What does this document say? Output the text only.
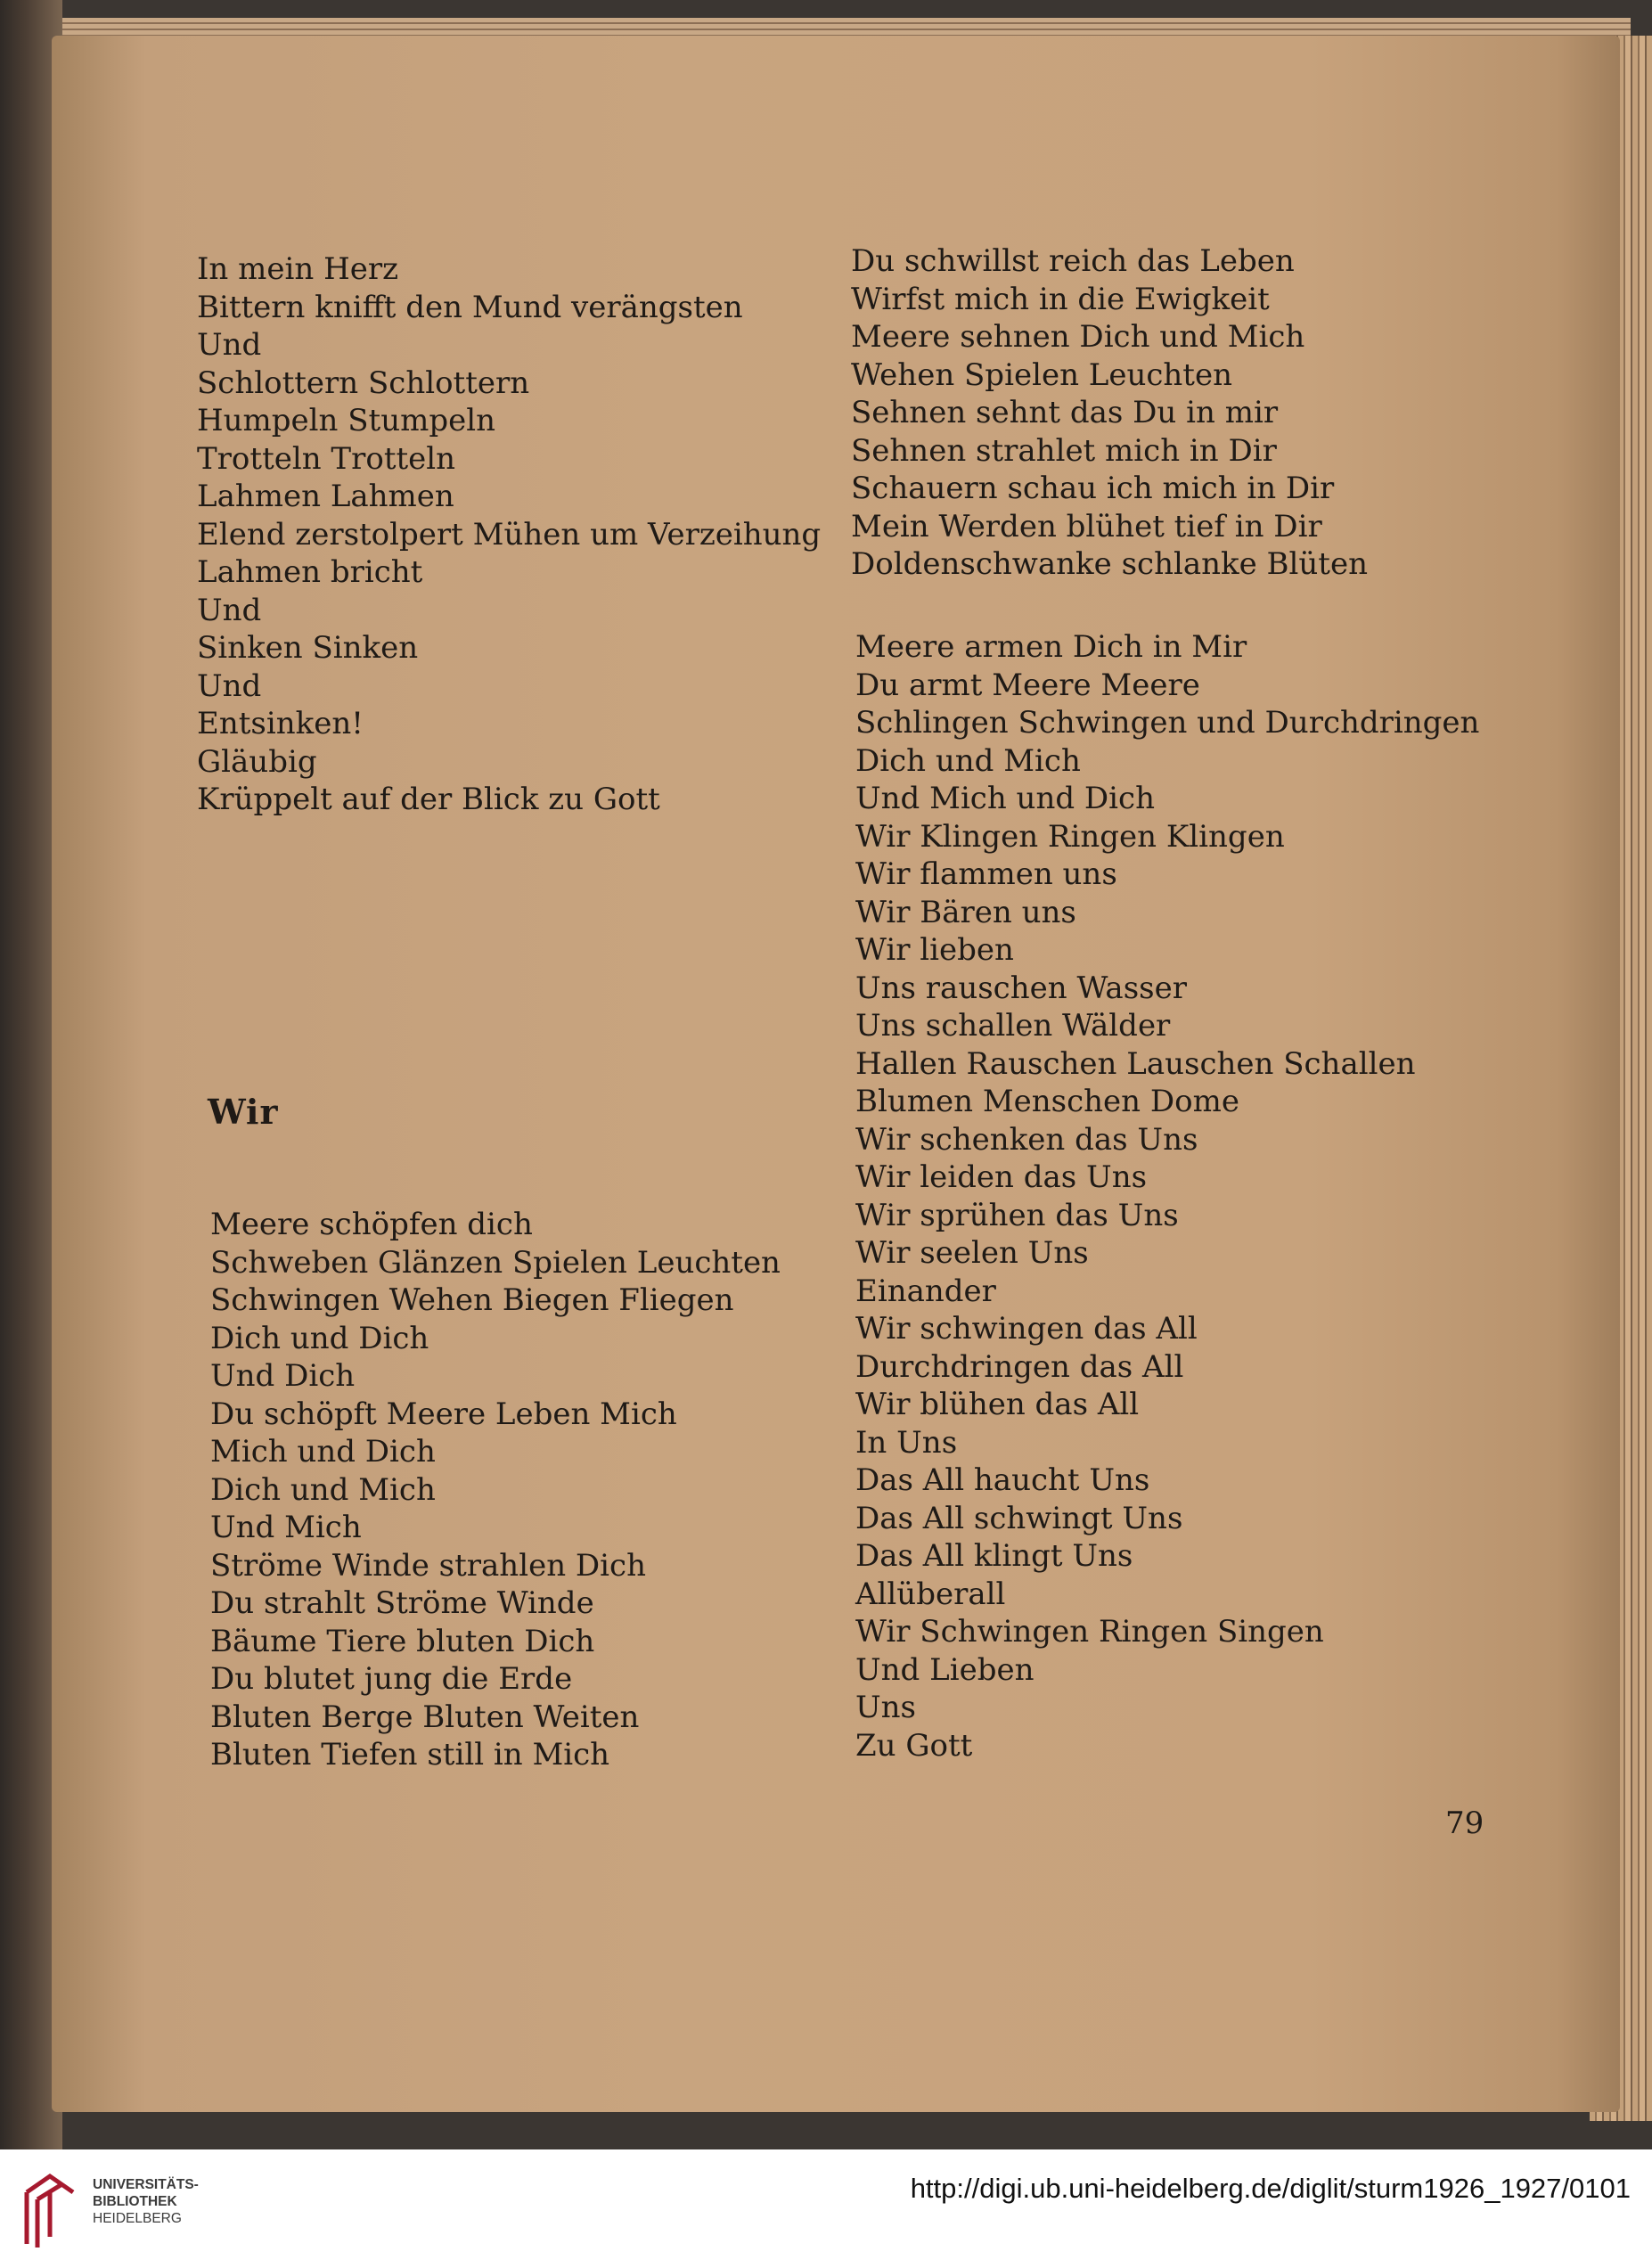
In mein Herz
Bittern knifft den Mund verängsten
Und
Schlottern Schlottern
Humpeln Stumpeln
Trotteln Trotteln
Lahmen Lahmen
Elend zerstolpert Mühen um Verzeihung
Lahmen bricht
Und
Sinken Sinken
Und
Entsinken!
Gläubig
Krüppelt auf der Blick zu Gott
Wir
Meere schöpfen dich
Schweben Glänzen Spielen Leuchten
Schwingen Wehen Biegen Fliegen
Dich und Dich
Und Dich
Du schöpft Meere Leben Mich
Mich und Dich
Dich und Mich
Und Mich
Ströme Winde strahlen Dich
Du strahlt Ströme Winde
Bäume Tiere bluten Dich
Du blutet jung die Erde
Bluten Berge Bluten Weiten
Bluten Tiefen still in Mich
Du schwillst reich das Leben
Wirfst mich in die Ewigkeit
Meere sehnen Dich und Mich
Wehen Spielen Leuchten
Sehnen sehnt das Du in mir
Sehnen strahlet mich in Dir
Schauern schau ich mich in Dir
Mein Werden blühet tief in Dir
Doldenschwanke schlanke Blüten
Meere armen Dich in Mir
Du armt Meere Meere
Schlingen Schwingen und Durchdringen
Dich und Mich
Und Mich und Dich
Wir Klingen Ringen Klingen
Wir flammen uns
Wir Bären uns
Wir lieben
Uns rauschen Wasser
Uns schallen Wälder
Hallen Rauschen Lauschen Schallen
Blumen Menschen Dome
Wir schenken das Uns
Wir leiden das Uns
Wir sprühen das Uns
Wir seelen Uns
Einander
Wir schwingen das All
Durchdringen das All
Wir blühen das All
In Uns
Das All haucht Uns
Das All schwingt Uns
Das All klingt Uns
Allüberall
Wir Schwingen Ringen Singen
Und Lieben
Uns
Zu Gott
79
UNIVERSITÄTS-
BIBLIOTHEK
HEIDELBERG
http://digi.ub.uni-heidelberg.de/diglit/sturm1926_1927/0101
